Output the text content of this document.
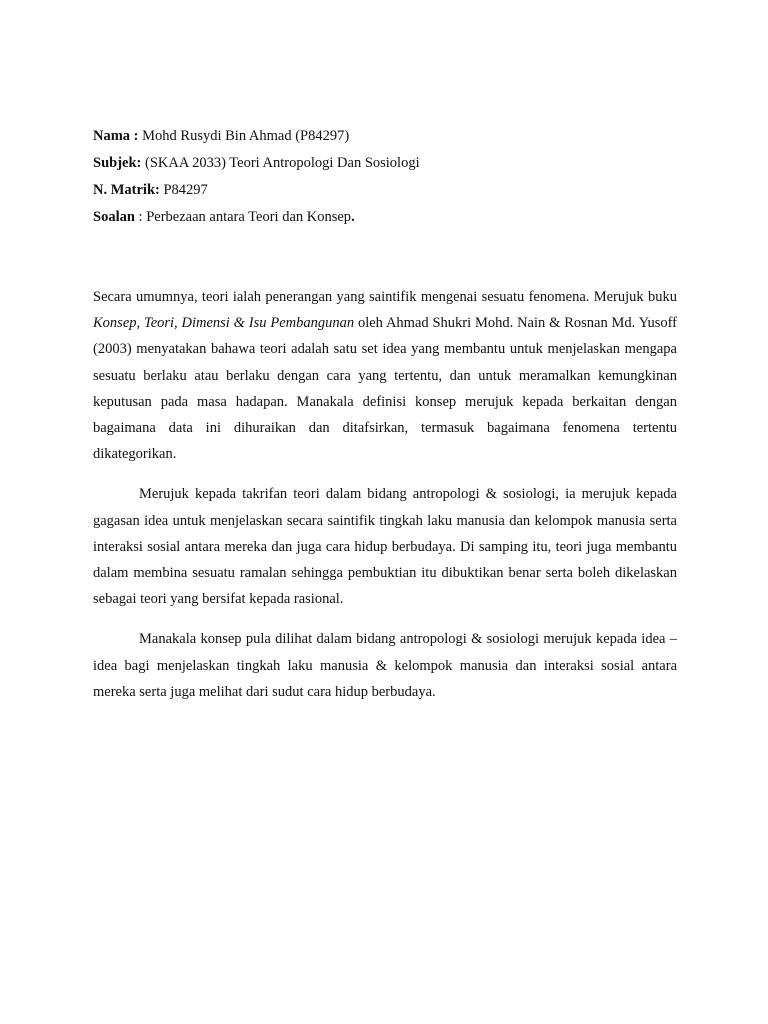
Nama : Mohd Rusydi Bin Ahmad (P84297)
Subjek: (SKAA 2033) Teori Antropologi Dan Sosiologi
N. Matrik: P84297
Soalan : Perbezaan antara Teori dan Konsep.

Secara umumnya, teori ialah penerangan yang saintifik mengenai sesuatu fenomena. Merujuk buku Konsep, Teori, Dimensi & Isu Pembangunan oleh Ahmad Shukri Mohd. Nain & Rosnan Md. Yusoff (2003) menyatakan bahawa teori adalah satu set idea yang membantu untuk menjelaskan mengapa sesuatu berlaku atau berlaku dengan cara yang tertentu, dan untuk meramalkan kemungkinan keputusan pada masa hadapan. Manakala definisi konsep merujuk kepada berkaitan dengan bagaimana data ini dihuraikan dan ditafsirkan, termasuk bagaimana fenomena tertentu dikategorikan.

Merujuk kepada takrifan teori dalam bidang antropologi & sosiologi, ia merujuk kepada gagasan idea untuk menjelaskan secara saintifik tingkah laku manusia dan kelompok manusia serta interaksi sosial antara mereka dan juga cara hidup berbudaya. Di samping itu, teori juga membantu dalam membina sesuatu ramalan sehingga pembuktian itu dibuktikan benar serta boleh dikelaskan sebagai teori yang bersifat kepada rasional.

Manakala konsep pula dilihat dalam bidang antropologi & sosiologi merujuk kepada idea – idea bagi menjelaskan tingkah laku manusia & kelompok manusia dan interaksi sosial antara mereka serta juga melihat dari sudut cara hidup berbudaya.
